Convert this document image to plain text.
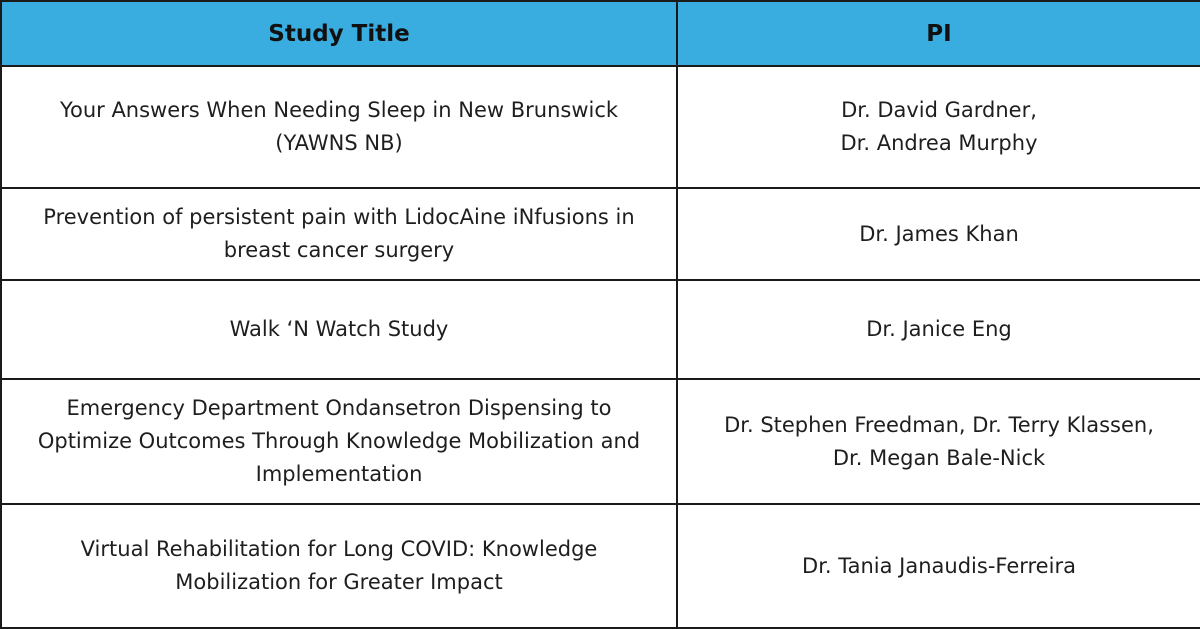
Study Title	PI

Your Answers When Needing Sleep in New Brunswick
(YAWNS NB)	Dr. David Gardner,
Dr. Andrea Murphy

Prevention of persistent pain with LidocAine iNfusions in
breast cancer surgery	Dr. James Khan

Walk ‘N Watch Study	Dr. Janice Eng

Emergency Department Ondansetron Dispensing to
Optimize Outcomes Through Knowledge Mobilization and
Implementation	Dr. Stephen Freedman, Dr. Terry Klassen,
Dr. Megan Bale-Nick

Virtual Rehabilitation for Long COVID: Knowledge
Mobilization for Greater Impact	Dr. Tania Janaudis-Ferreira
